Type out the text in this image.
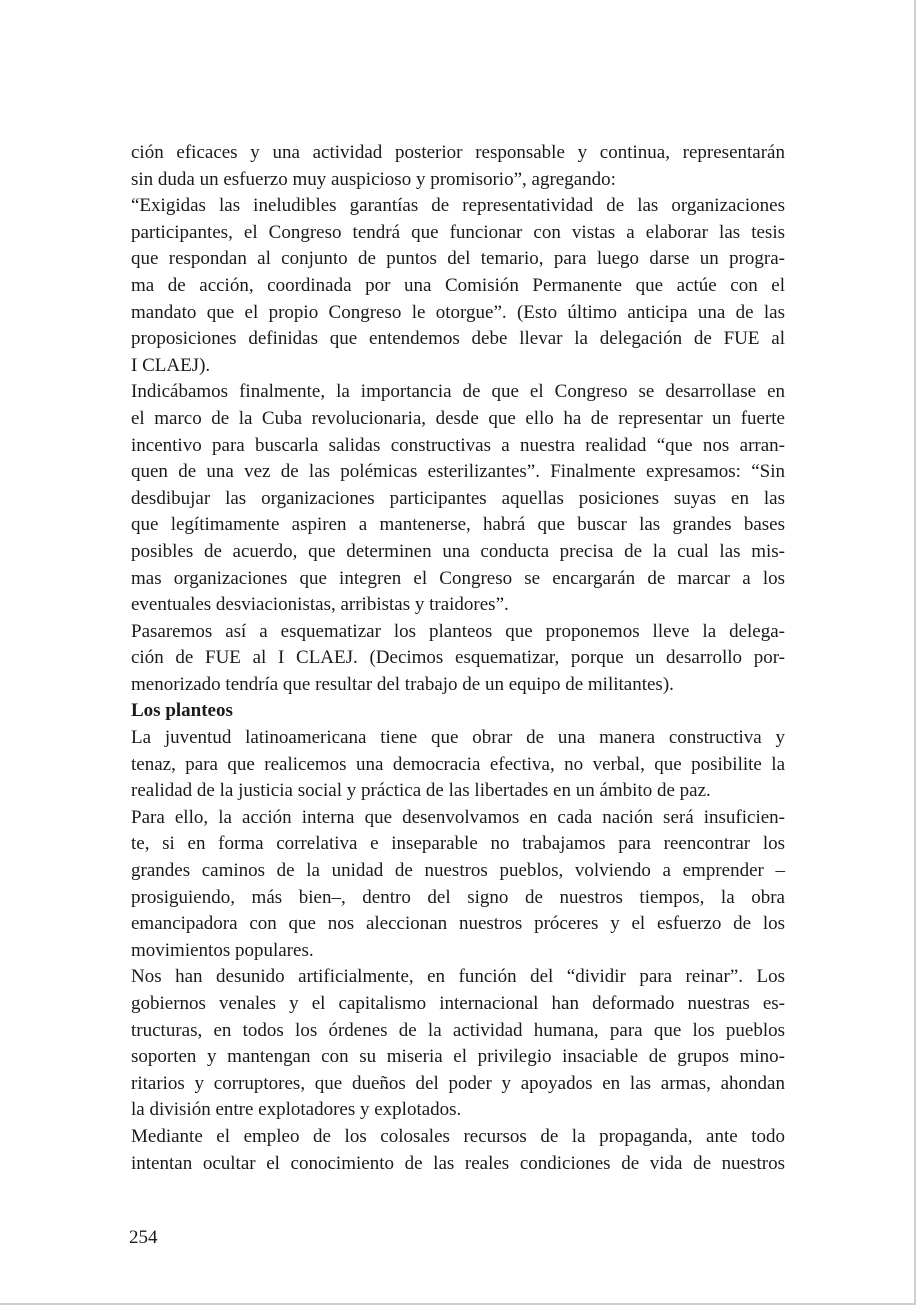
ción eficaces y una actividad posterior responsable y continua, representarán
sin duda un esfuerzo muy auspicioso y promisorio”, agregando:
“Exigidas las ineludibles garantías de representatividad de las organizaciones
participantes, el Congreso tendrá que funcionar con vistas a elaborar las tesis
que respondan al conjunto de puntos del temario, para luego darse un progra-
ma de acción, coordinada por una Comisión Permanente que actúe con el
mandato que el propio Congreso le otorgue”. (Esto último anticipa una de las
proposiciones definidas que entendemos debe llevar la delegación de FUE al
I CLAEJ).
Indicábamos finalmente, la importancia de que el Congreso se desarrollase en
el marco de la Cuba revolucionaria, desde que ello ha de representar un fuerte
incentivo para buscarla salidas constructivas a nuestra realidad “que nos arran-
quen de una vez de las polémicas esterilizantes”. Finalmente expresamos: “Sin
desdibujar las organizaciones participantes aquellas posiciones suyas en las
que legítimamente aspiren a mantenerse, habrá que buscar las grandes bases
posibles de acuerdo, que determinen una conducta precisa de la cual las mis-
mas organizaciones que integren el Congreso se encargarán de marcar a los
eventuales desviacionistas, arribistas y traidores”.
Pasaremos así a esquematizar los planteos que proponemos lleve la delega-
ción de FUE al I CLAEJ. (Decimos esquematizar, porque un desarrollo por-
menorizado tendría que resultar del trabajo de un equipo de militantes).
Los planteos
La juventud latinoamericana tiene que obrar de una manera constructiva y
tenaz, para que realicemos una democracia efectiva, no verbal, que posibilite la
realidad de la justicia social y práctica de las libertades en un ámbito de paz.
Para ello, la acción interna que desenvolvamos en cada nación será insuficien-
te, si en forma correlativa e inseparable no trabajamos para reencontrar los
grandes caminos de la unidad de nuestros pueblos, volviendo a emprender –
prosiguiendo, más bien–, dentro del signo de nuestros tiempos, la obra
emancipadora con que nos aleccionan nuestros próceres y el esfuerzo de los
movimientos populares.
Nos han desunido artificialmente, en función del “dividir para reinar”. Los
gobiernos venales y el capitalismo internacional han deformado nuestras es-
tructuras, en todos los órdenes de la actividad humana, para que los pueblos
soporten y mantengan con su miseria el privilegio insaciable de grupos mino-
ritarios y corruptores, que dueños del poder y apoyados en las armas, ahondan
la división entre explotadores y explotados.
Mediante el empleo de los colosales recursos de la propaganda, ante todo
intentan ocultar el conocimiento de las reales condiciones de vida de nuestros
254
